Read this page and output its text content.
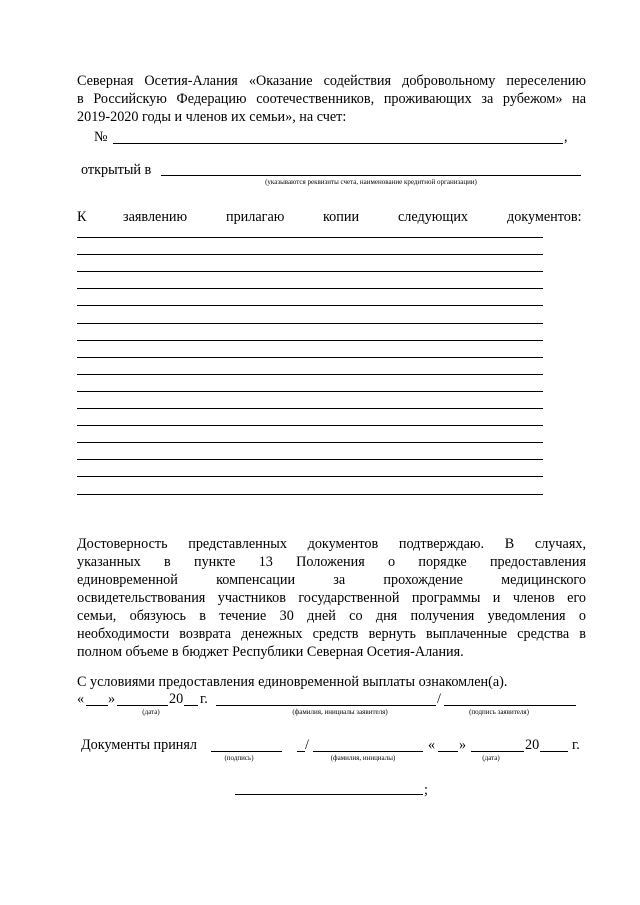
Северная Осетия-Алания «Оказание содействия добровольному переселению
в Российскую Федерацию соотечественников, проживающих за рубежом» на
2019-2020 годы и членов их семьи», на счет:
№	,
открытый в
(указываются реквизиты счета, наименование кредитной организации)
К	заявлению	прилагаю	копии	следующих	документов:
Достоверность представленных документов подтверждаю. В случаях,
указанных в пункте 13 Положения о порядке предоставления
единовременной компенсации за прохождение медицинского
освидетельствования участников государственной программы и членов его
семьи, обязуюсь в течение 30 дней со дня получения уведомления о
необходимости возврата денежных средств вернуть выплаченные средства в
полном объеме в бюджет Республики Северная Осетия-Алания.
С условиями предоставления единовременной выплаты ознакомлен(а).
« »	20 г.	/
(дата)	(фамилия, инициалы заявителя)	(подпись заявителя)
Документы принял	/	« »	20 г.
(подпись)	(фамилия, инициалы)	(дата)
;
